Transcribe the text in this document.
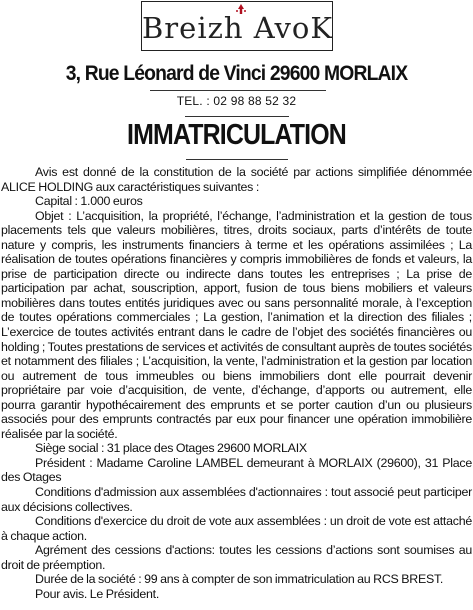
Breizh AvoK
3, Rue Léonard de Vinci 29600 MORLAIX
TEL. : 02 98 88 52 32
IMMATRICULATION

Avis est donné de la constitution de la société par actions simplifiée dénommée ALICE HOLDING aux caractéristiques suivantes :

Capital : 1.000 euros

Objet : L’acquisition, la propriété, l’échange, l’administration et la gestion de tous placements tels que valeurs mobilières, titres, droits sociaux, parts d’intérêts de toute nature y compris, les instruments financiers à terme et les opérations assimilées ; La réalisation de toutes opérations financières y compris immobilières de fonds et valeurs, la prise de participation directe ou indirecte dans toutes les entreprises ; La prise de participation par achat, souscription, apport, fusion de tous biens mobiliers et valeurs mobilières dans toutes entités juridiques avec ou sans personnalité morale, à l’exception de toutes opérations commerciales ; La gestion, l’animation et la direction des filiales ; L’exercice de toutes activités entrant dans le cadre de l’objet des sociétés financières ou holding ; Toutes prestations de services et activités de consultant auprès de toutes sociétés et notamment des filiales ; L’acquisition, la vente, l’administration et la gestion par location ou autrement de tous immeubles ou biens immobiliers dont elle pourrait devenir propriétaire par voie d’acquisition, de vente, d’échange, d’apports ou autrement, elle pourra garantir hypothécairement des emprunts et se porter caution d’un ou plusieurs associés pour des emprunts contractés par eux pour financer une opération immobilière réalisée par la société.

Siège social : 31 place des Otages 29600 MORLAIX

Président : Madame Caroline LAMBEL demeurant à MORLAIX (29600), 31 Place des Otages

Conditions d'admission aux assemblées d'actionnaires : tout associé peut participer aux décisions collectives.

Conditions d'exercice du droit de vote aux assemblées : un droit de vote est attaché à chaque action.

Agrément des cessions d'actions: toutes les cessions d’actions sont soumises au droit de préemption.

Durée de la société : 99 ans à compter de son immatriculation au RCS BREST.

Pour avis. Le Président.
